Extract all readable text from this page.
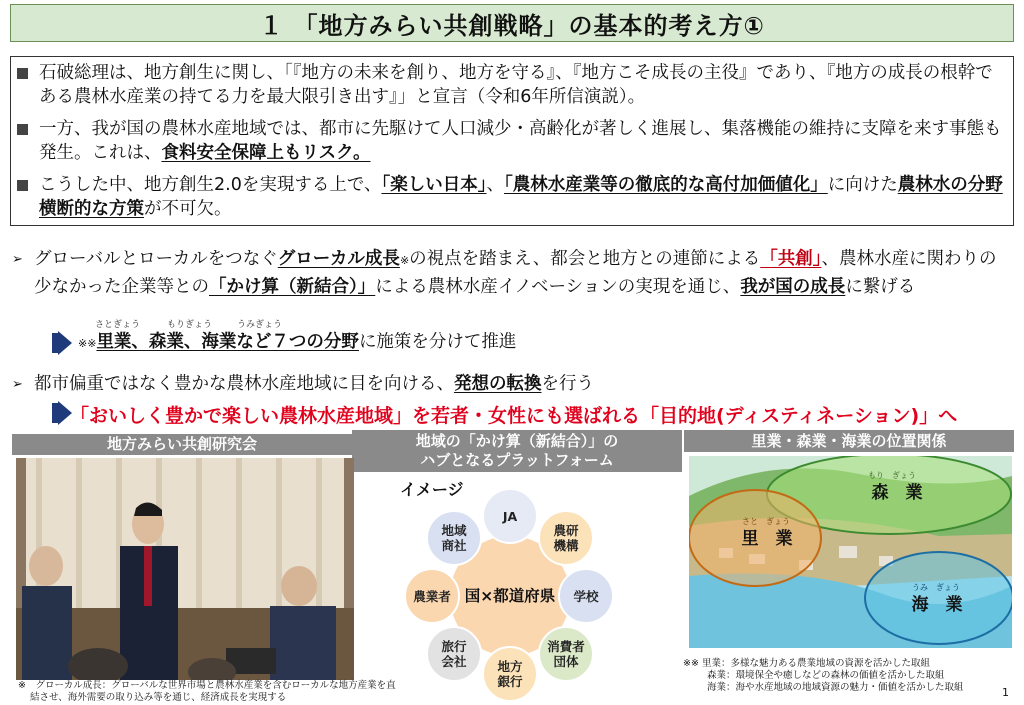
１ 「地方みらい共創戦略」の基本的考え方①
石破総理は、地方創生に関し、「『地方の未来を創り、地方を守る』、『地方こそ成長の主役』であり、『地方の成長の根幹である農林水産業の持てる力を最大限引き出す』」と宣言（令和6年所信演説）。
一方、我が国の農林水産地域では、都市に先駆けて人口減少・高齢化が著しく進展し、集落機能の維持に支障を来す事態も発生。これは、食料安全保障上もリスク。
こうした中、地方創生2.0を実現する上で、「楽しい日本」、「農林水産業等の徹底的な高付加価値化」に向けた農林水の分野横断的な方策が不可欠。
➢ グローバルとローカルをつなぐグローカル成長※の視点を踏まえ、都会と地方との連節による「共創」、農林水産に関わりの少なかった企業等との「かけ算（新結合）」による農林水産イノベーションの実現を通じ、我が国の成長に繋げる
さとぎょう	もりぎょう	うみぎょう
※※里業、森業、海業など７つの分野に施策を分けて推進
➢ 都市偏重ではなく豊かな農林水産地域に目を向ける、発想の転換を行う
「おいしく豊かで楽しい農林水産地域」を若者・女性にも選ばれる「目的地(ディスティネーション)」へ
地方みらい共創研究会	地域の「かけ算（新結合）」の
ハブとなるプラットフォーム
里業・森業・海業の位置関係
イメージ
国×都道府県
JA
農研機構
学校
消費者団体
地方銀行
旅行会社
農業者
地域商社
もり　ぎょう
森　業
さと　ぎょう
里　業
うみ　ぎょう
海　業
※　グローカル成長：グローバルな世界市場と農林水産業を含むローカルな地方産業を直
結させ、海外需要の取り込み等を通じ、経済成長を実現する
※※ 里業：多様な魅力ある農業地域の資源を活かした取組
森業：環境保全や癒しなどの森林の価値を活かした取組
海業：海や水産地域の地域資源の魅力・価値を活かした取組	1
